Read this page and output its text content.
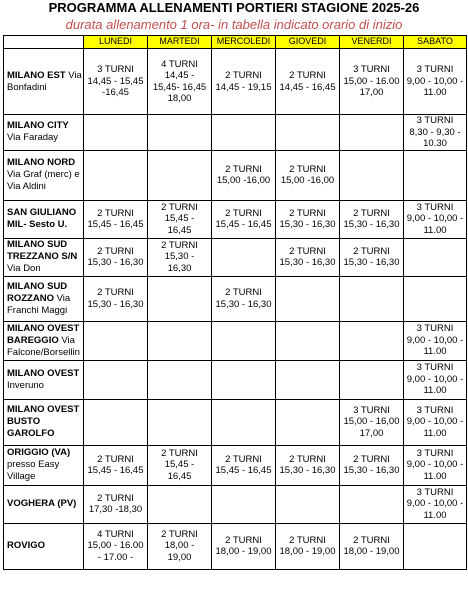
PROGRAMMA ALLENAMENTI PORTIERI STAGIONE 2025-26
durata allenamento 1 ora- in tabella indicato orario di inizio
	LUNEDI	MARTEDI	MERCOLEDI	GIOVEDI	VENERDI	SABATO
MILANO EST Via Bonfadini	3 TURNI
14,45 - 15,45
-16,45	4 TURNI
14,45 -
15,45- 16,45
18,00	2 TURNI
14,45 - 19,15	2 TURNI
14,45 - 16,45	3 TURNI
15,00 - 16.00
17,00	3 TURNI
9,00 - 10,00 -
11.00
MILANO CITY Via Faraday						3 TURNI
8,30 - 9,30 -
10.30
MILANO NORD Via Graf (merc) e Via Aldini			2 TURNI
15,00 -16,00	2 TURNI
15,00 -16,00		
SAN GIULIANO MIL- Sesto U.	2 TURNI
15,45 - 16,45	2 TURNI
15,45 -
16,45	2 TURNI
15,45 - 16,45	2 TURNI
15,30 - 16,30	2 TURNI
15,30 - 16,30	3 TURNI
9,00 - 10,00 -
11.00
MILANO SUD TREZZANO S/N Via Don	2 TURNI
15,30 - 16,30	2 TURNI
15,30 -
16,30		2 TURNI
15,30 - 16,30	2 TURNI
15,30 - 16,30	
MILANO SUD ROZZANO Via Franchi Maggi	2 TURNI
15,30 - 16,30		2 TURNI
15,30 - 16,30			
MILANO OVEST BAREGGIO Via Falcone/Borsellin						3 TURNI
9,00 - 10,00 -
11.00
MILANO OVEST Inveruno						3 TURNI
9,00 - 10,00 -
11.00
MILANO OVEST BUSTO GAROLFO					3 TURNI
15,00 - 16,00
17,00	3 TURNI
9,00 - 10,00 -
11.00
ORIGGIO (VA) presso Easy Village	2 TURNI
15,45 - 16,45	2 TURNI
15,45 -
16,45	2 TURNI
15,45 - 16,45	2 TURNI
15,30 - 16,30	2 TURNI
15,30 - 16,30	3 TURNI
9,00 - 10,00 -
11.00
VOGHERA (PV)	2 TURNI
17,30 -18,30					3 TURNI
9,00 - 10,00 -
11.00
ROVIGO	4 TURNI
15,00 - 16.00
- 17.00 -	2 TURNI
18,00 -
19,00	2 TURNI
18,00 - 19,00	2 TURNI
18,00 - 19,00	2 TURNI
18,00 - 19,00	
